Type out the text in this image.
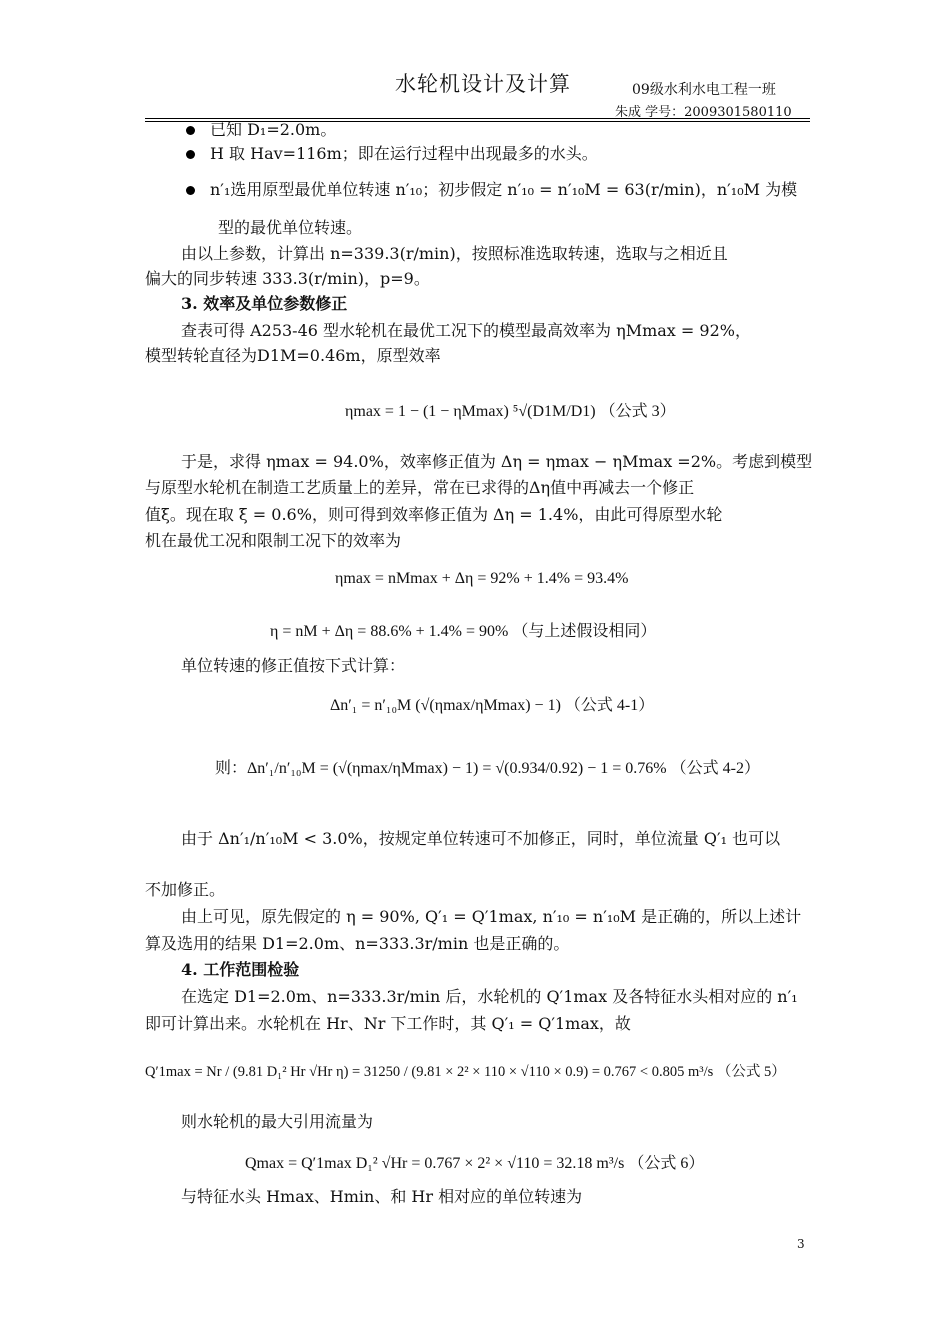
水轮机设计及计算	09级水利水电工程一班
朱成 学号：2009301580110
已知 D₁=2.0m。
H 取 Hav=116m；即在运行过程中出现最多的水头。
n′₁选用原型最优单位转速 n′₁₀；初步假定 n′₁₀ = n′₁₀M = 63(r/min)，n′₁₀M 为模
型的最优单位转速。
由以上参数，计算出 n=339.3(r/min)，按照标准选取转速，选取与之相近且
偏大的同步转速 333.3(r/min)，p=9。
3. 效率及单位参数修正
查表可得 A253-46 型水轮机在最优工况下的模型最高效率为 ηMmax = 92%，
模型转轮直径为D1M=0.46m，原型效率
ηmax = 1 − (1 − ηMmax) ⁵√(D1M/D1) （公式 3）
于是，求得 ηmax = 94.0%，效率修正值为 Δη = ηmax − ηMmax =2%。考虑到模型
与原型水轮机在制造工艺质量上的差异，常在已求得的Δη值中再减去一个修正
值ξ。现在取 ξ = 0.6%，则可得到效率修正值为 Δη = 1.4%，由此可得原型水轮
机在最优工况和限制工况下的效率为
ηmax = nMmax + Δη = 92% + 1.4% = 93.4%
η = nM + Δη = 88.6% + 1.4% = 90% （与上述假设相同）
单位转速的修正值按下式计算：
Δn′₁ = n′₁₀M (√(ηmax/ηMmax) − 1) （公式 4-1）
则：Δn′₁/n′₁₀M = (√(ηmax/ηMmax) − 1) = √(0.934/0.92) − 1 = 0.76% （公式 4-2）
由于 Δn′₁/n′₁₀M < 3.0%，按规定单位转速可不加修正，同时，单位流量 Q′₁ 也可以
不加修正。
由上可见，原先假定的 η = 90%, Q′₁ = Q′1max, n′₁₀ = n′₁₀M 是正确的，所以上述计
算及选用的结果 D1=2.0m、n=333.3r/min 也是正确的。
4. 工作范围检验
在选定 D1=2.0m、n=333.3r/min 后，水轮机的 Q′1max 及各特征水头相对应的 n′₁
即可计算出来。水轮机在 Hr、Nr 下工作时，其 Q′₁ = Q′1max，故
Q′1max = Nr / (9.81 D₁² Hr √Hr η) = 31250 / (9.81 × 2² × 110 × √110 × 0.9) = 0.767 < 0.805 m³/s （公式 5）
则水轮机的最大引用流量为
Qmax = Q′1max D₁² √Hr = 0.767 × 2² × √110 = 32.18 m³/s （公式 6）
与特征水头 Hmax、Hmin、和 Hr 相对应的单位转速为
3
